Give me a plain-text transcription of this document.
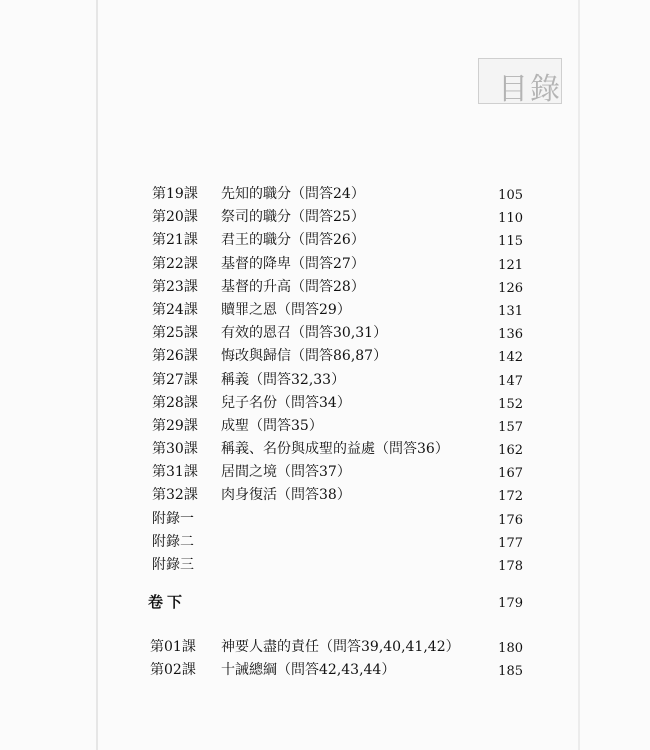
目錄
第19課 先知的職分（問答24）	105
第20課 祭司的職分（問答25）	110
第21課 君王的職分（問答26）	115
第22課 基督的降卑（問答27）	121
第23課 基督的升高（問答28）	126
第24課 贖罪之恩（問答29）	131
第25課 有效的恩召（問答30,31）	136
第26課 悔改與歸信（問答86,87）	142
第27課 稱義（問答32,33）	147
第28課 兒子名份（問答34）	152
第29課 成聖（問答35）	157
第30課 稱義、名份與成聖的益處（問答36）	162
第31課 居間之境（問答37）	167
第32課 肉身復活（問答38）	172
附錄一	176
附錄二	177
附錄三	178
卷下	179
第01課 神要人盡的責任（問答39,40,41,42）	180
第02課 十誡總綱（問答42,43,44）	185
